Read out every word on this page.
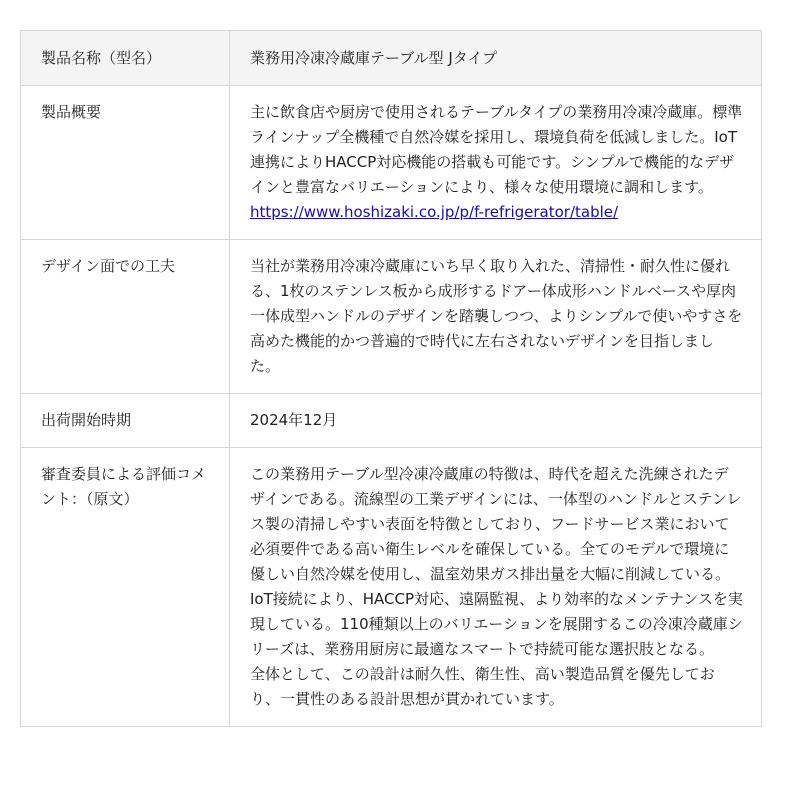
製品名称（型名）	業務用冷凍冷蔵庫テーブル型 Jタイプ
製品概要	主に飲食店や厨房で使用されるテーブルタイプの業務用冷凍冷蔵庫。標準ラインナップ全機種で自然冷媒を採用し、環境負荷を低減しました。IoT連携によりHACCP対応機能の搭載も可能です。シンプルで機能的なデザインと豊富なバリエーションにより、様々な使用環境に調和します。
https://www.hoshizaki.co.jp/p/f-refrigerator/table/

デザイン面での工夫	当社が業務用冷凍冷蔵庫にいち早く取り入れた、清掃性・耐久性に優れる、1枚のステンレス板から成形するドアー体成形ハンドルベースや厚肉一体成型ハンドルのデザインを踏襲しつつ、よりシンプルで使いやすさを高めた機能的かつ普遍的で時代に左右されないデザインを目指しました。
出荷開始時期	2024年12月
審査委員による評価コメント：（原文）	この業務用テーブル型冷凍冷蔵庫の特徴は、時代を超えた洗練されたデザインである。流線型の工業デザインには、一体型のハンドルとステンレス製の清掃しやすい表面を特徴としており、フードサービス業において必須要件である高い衛生レベルを確保している。全てのモデルで環境に優しい自然冷媒を使用し、温室効果ガス排出量を大幅に削減している。
IoT接続により、HACCP対応、遠隔監視、より効率的なメンテナンスを実現している。110種類以上のバリエーションを展開するこの冷凍冷蔵庫シリーズは、業務用厨房に最適なスマートで持続可能な選択肢となる。
全体として、この設計は耐久性、衛生性、高い製造品質を優先しており、一貫性のある設計思想が貫かれています。
